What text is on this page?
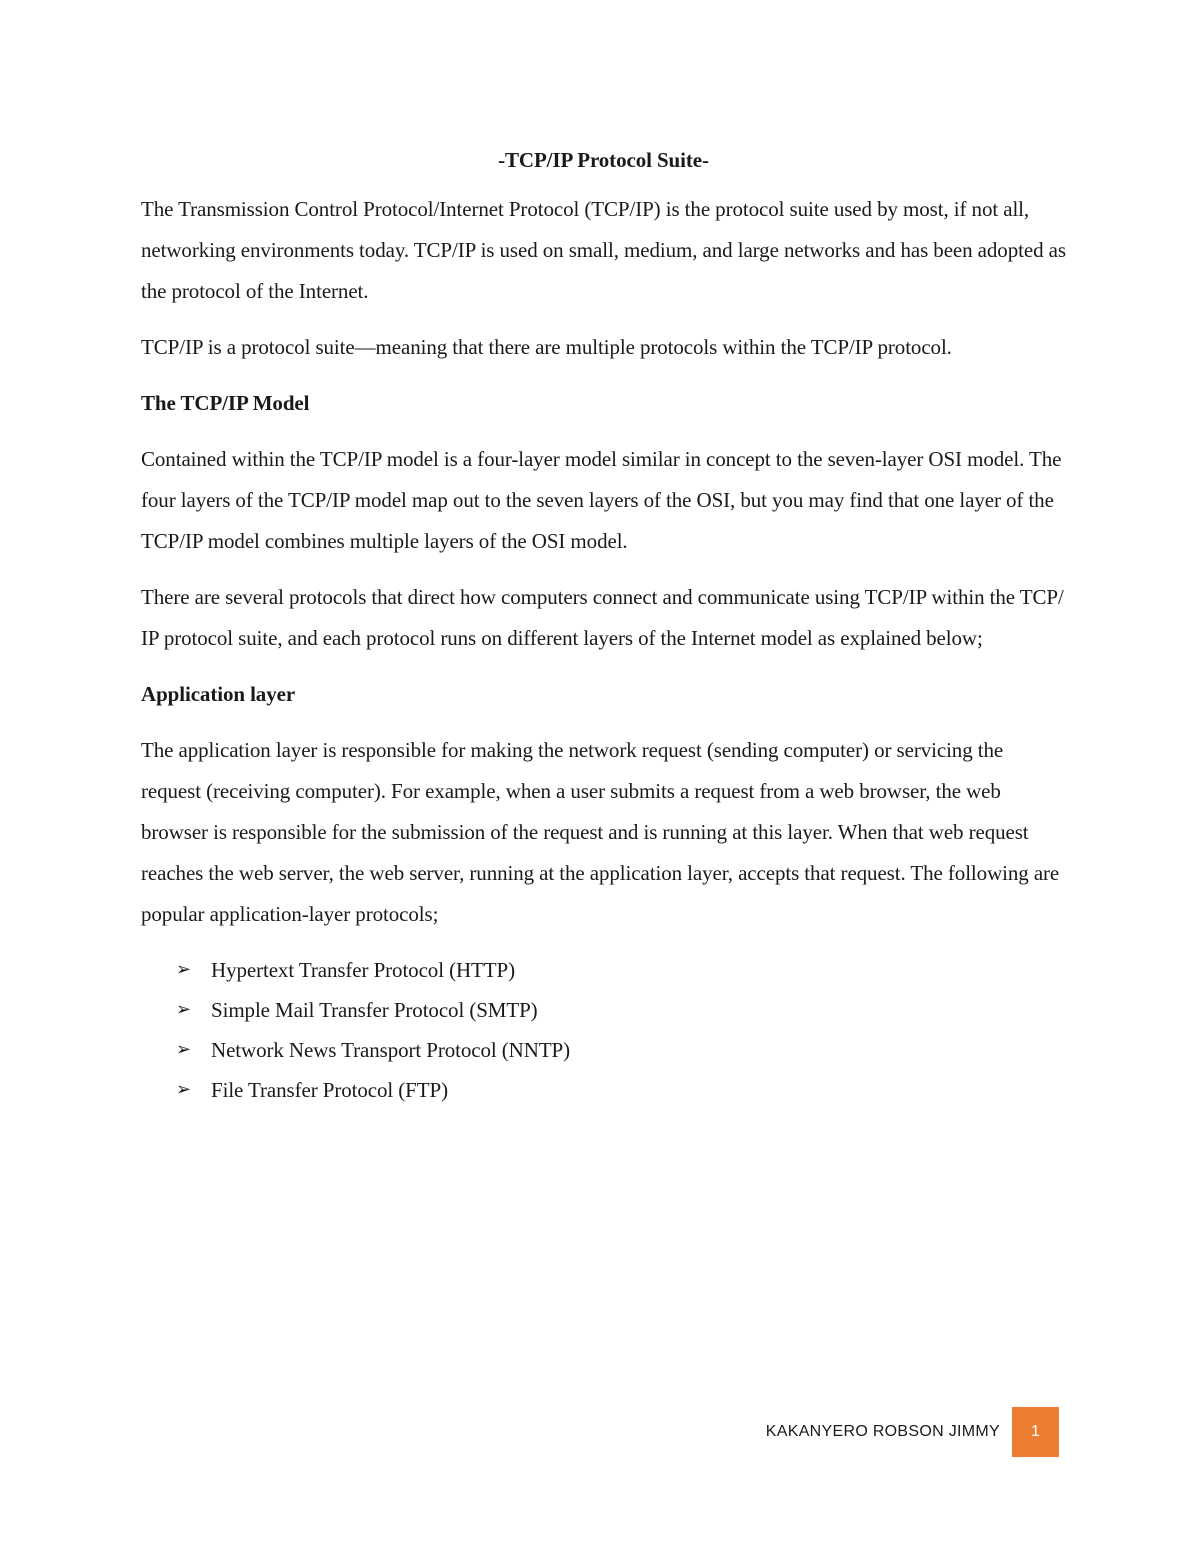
-TCP/IP Protocol Suite-

The Transmission Control Protocol/Internet Protocol (TCP/IP) is the protocol suite used by most, if not all, networking environments today. TCP/IP is used on small, medium, and large networks and has been adopted as the protocol of the Internet.

TCP/IP is a protocol suite—meaning that there are multiple protocols within the TCP/IP protocol.

The TCP/IP Model

Contained within the TCP/IP model is a four-layer model similar in concept to the seven-layer OSI model. The four layers of the TCP/IP model map out to the seven layers of the OSI, but you may find that one layer of the TCP/IP model combines multiple layers of the OSI model.

There are several protocols that direct how computers connect and communicate using TCP/IP within the TCP/ IP protocol suite, and each protocol runs on different layers of the Internet model as explained below;

Application layer

The application layer is responsible for making the network request (sending computer) or servicing the request (receiving computer). For example, when a user submits a request from a web browser, the web browser is responsible for the submission of the request and is running at this layer. When that web request reaches the web server, the web server, running at the application layer, accepts that request. The following are popular application-layer protocols;

➢ Hypertext Transfer Protocol (HTTP)
➢ Simple Mail Transfer Protocol (SMTP)
➢ Network News Transport Protocol (NNTP)
➢ File Transfer Protocol (FTP)
KAKANYERO ROBSON JIMMY	1
